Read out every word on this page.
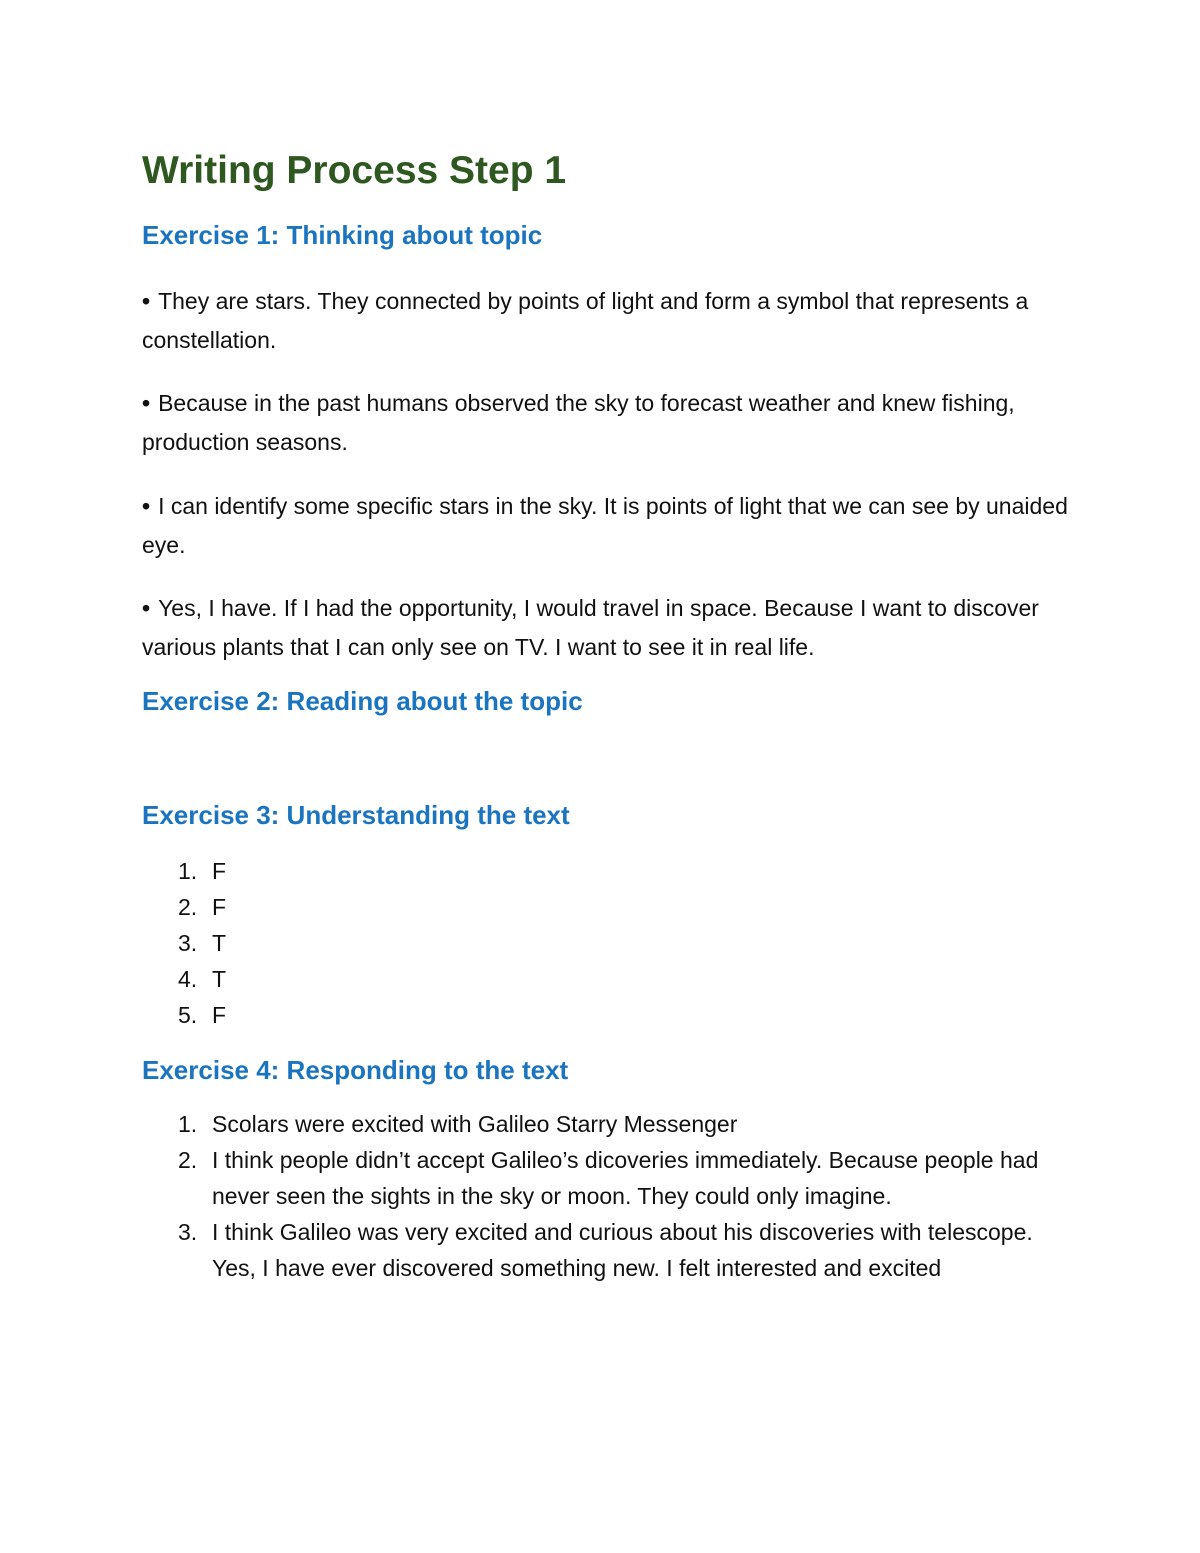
Writing Process Step 1
Exercise 1: Thinking about topic

• They are stars. They connected by points of light and form a symbol that represents a constellation.

• Because in the past humans observed the sky to forecast weather and knew fishing, production seasons.

• I can identify some specific stars in the sky. It is points of light that we can see by unaided eye.

• Yes, I have. If I had the opportunity, I would travel in space. Because I want to discover various plants that I can only see on TV. I want to see it in real life.

Exercise 2: Reading about the topic
Exercise 3: Understanding the text
1. F
2. F
3. T
4. T
5. F
Exercise 4: Responding to the text
1. Scolars were excited with Galileo Starry Messenger
2. I think people didn’t accept Galileo’s dicoveries immediately. Because people had never seen the sights in the sky or moon. They could only imagine.
3. I think Galileo was very excited and curious about his discoveries with telescope.
Yes, I have ever discovered something new. I felt interested and excited
